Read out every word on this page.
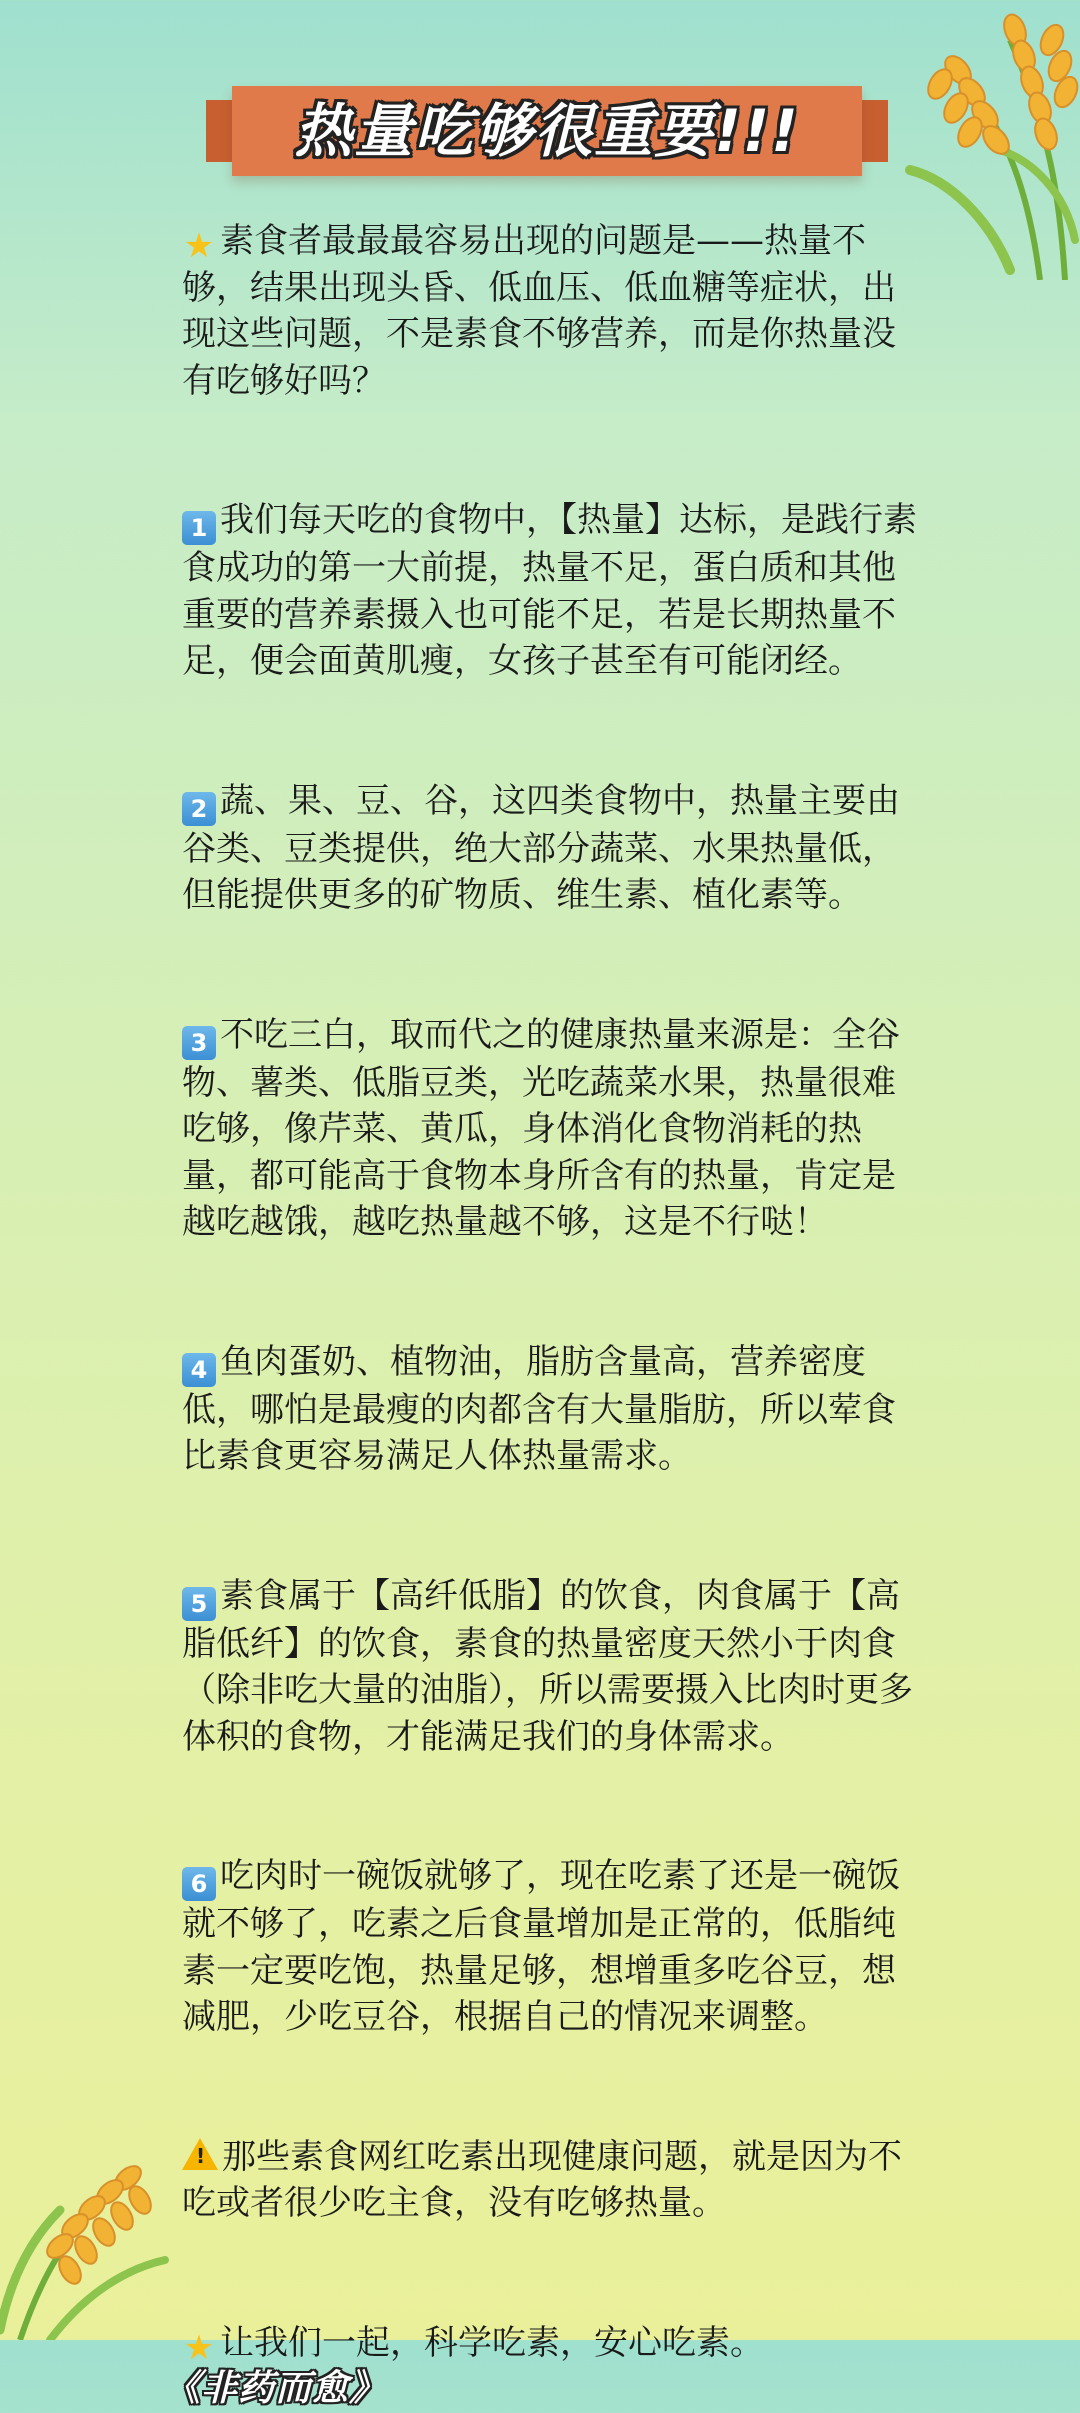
热量吃够很重要!!!

★ 素食者最最最容易出现的问题是——热量不够，结果出现头昏、低血压、低血糖等症状，出现这些问题，不是素食不够营养，而是你热量没有吃够好吗？

1 我们每天吃的食物中，【热量】达标，是践行素食成功的第一大前提，热量不足，蛋白质和其他重要的营养素摄入也可能不足，若是长期热量不足，便会面黄肌瘦，女孩子甚至有可能闭经。

2 蔬、果、豆、谷，这四类食物中，热量主要由谷类、豆类提供，绝大部分蔬菜、水果热量低，但能提供更多的矿物质、维生素、植化素等。

3 不吃三白，取而代之的健康热量来源是：全谷物、薯类、低脂豆类，光吃蔬菜水果，热量很难吃够，像芹菜、黄瓜，身体消化食物消耗的热量，都可能高于食物本身所含有的热量，肯定是越吃越饿，越吃热量越不够，这是不行哒！

4 鱼肉蛋奶、植物油，脂肪含量高，营养密度低，哪怕是最瘦的肉都含有大量脂肪，所以荤食比素食更容易满足人体热量需求。

5 素食属于【高纤低脂】的饮食，肉食属于【高脂低纤】的饮食，素食的热量密度天然小于肉食（除非吃大量的油脂），所以需要摄入比肉时更多体积的食物，才能满足我们的身体需求。

6 吃肉时一碗饭就够了，现在吃素了还是一碗饭就不够了，吃素之后食量增加是正常的，低脂纯素一定要吃饱，热量足够，想增重多吃谷豆，想减肥，少吃豆谷，根据自己的情况来调整。

! 那些素食网红吃素出现健康问题，就是因为不吃或者很少吃主食，没有吃够热量。

★ 让我们一起，科学吃素，安心吃素。《非药而愈》
